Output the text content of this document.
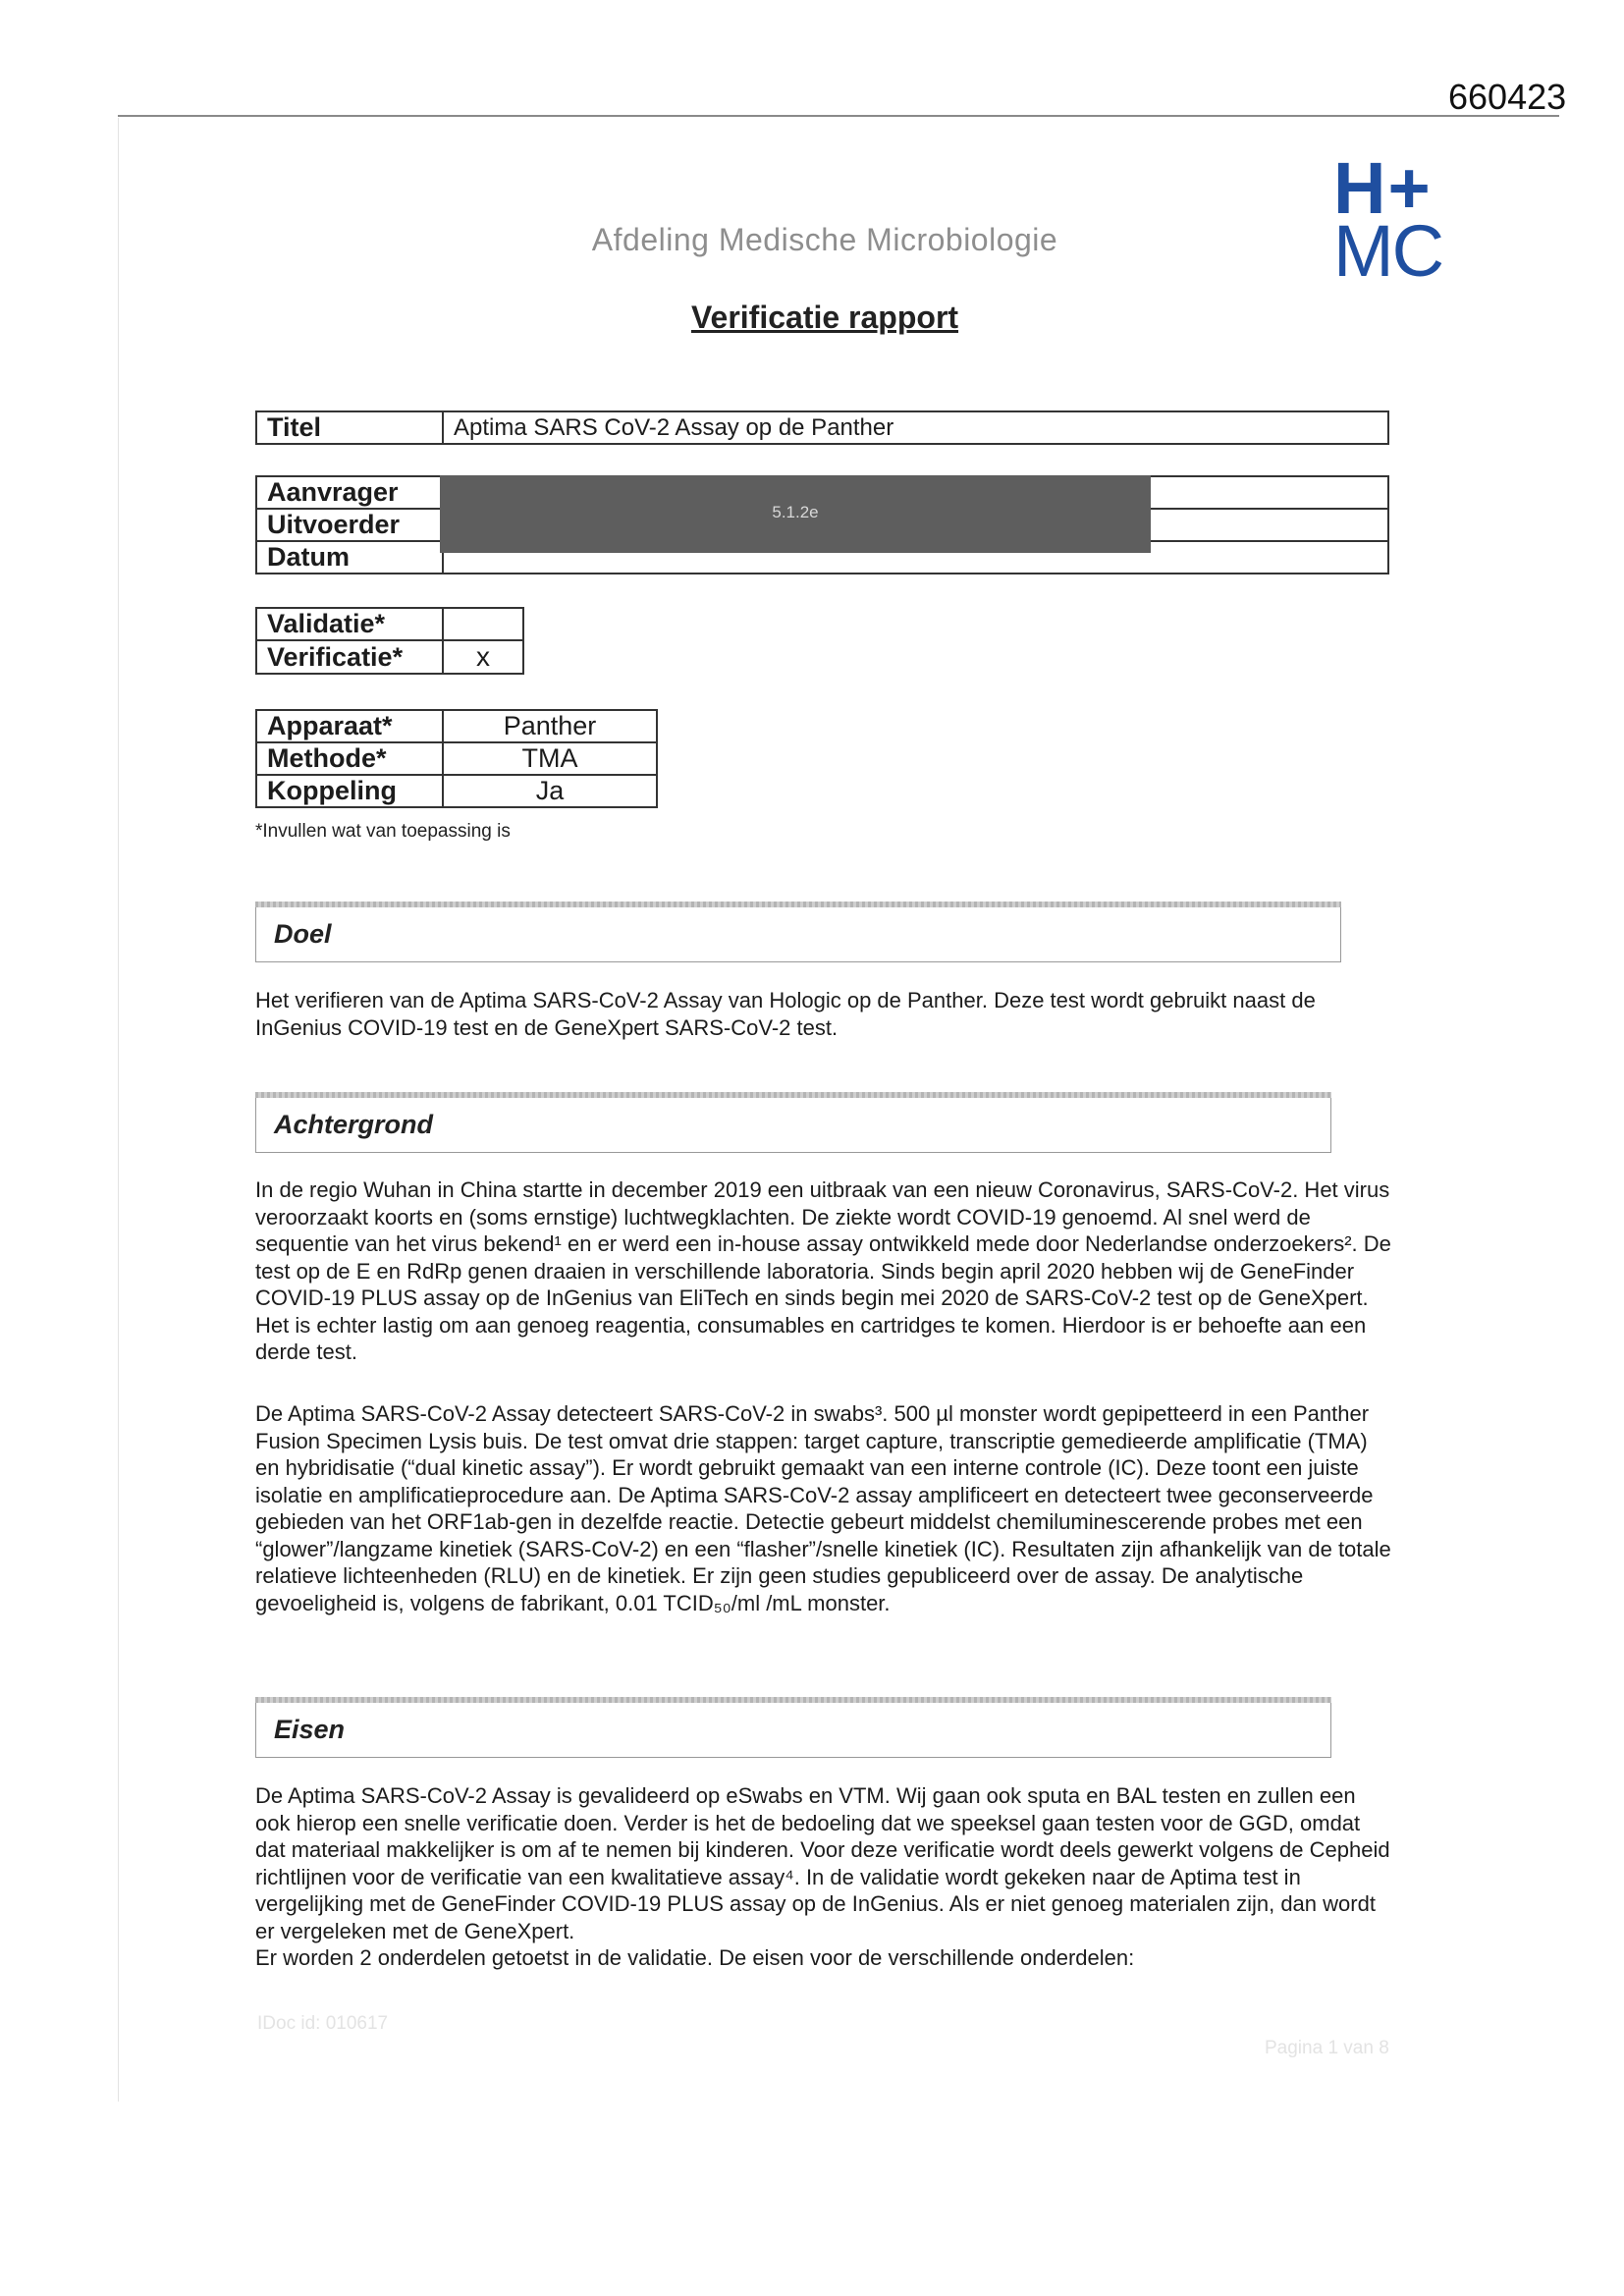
660423
Afdeling Medische Microbiologie
H+
MC
Verificatie rapport
Titel	Aptima SARS CoV-2 Assay op de Panther
Aanvrager	
Uitvoerder	
Datum	
5.1.2e
Validatie*	
Verificatie*	x
Apparaat*	Panther
Methode*	TMA
Koppeling	Ja
*Invullen wat van toepassing is
Doel
Het verifieren van de Aptima SARS-CoV-2 Assay van Hologic op de Panther. Deze test wordt gebruikt naast de InGenius COVID-19 test en de GeneXpert SARS-CoV-2 test.
Achtergrond
In de regio Wuhan in China startte in december 2019 een uitbraak van een nieuw Coronavirus, SARS-CoV-2. Het virus veroorzaakt koorts en (soms ernstige) luchtwegklachten. De ziekte wordt COVID-19 genoemd. Al snel werd de sequentie van het virus bekend¹ en er werd een in-house assay ontwikkeld mede door Nederlandse onderzoekers². De test op de E en RdRp genen draaien in verschillende laboratoria. Sinds begin april 2020 hebben wij de GeneFinder COVID-19 PLUS assay op de InGenius van EliTech en sinds begin mei 2020 de SARS-CoV-2 test op de GeneXpert. Het is echter lastig om aan genoeg reagentia, consumables en cartridges te komen. Hierdoor is er behoefte aan een derde test.
De Aptima SARS-CoV-2 Assay detecteert SARS-CoV-2 in swabs³. 500 µl monster wordt gepipetteerd in een Panther Fusion Specimen Lysis buis. De test omvat drie stappen: target capture, transcriptie gemedieerde amplificatie (TMA) en hybridisatie (“dual kinetic assay”). Er wordt gebruikt gemaakt van een interne controle (IC). Deze toont een juiste isolatie en amplificatieprocedure aan. De Aptima SARS-CoV-2 assay amplificeert en detecteert twee geconserveerde gebieden van het ORF1ab-gen in dezelfde reactie. Detectie gebeurt middelst chemiluminescerende probes met een “glower”/langzame kinetiek (SARS-CoV-2) en een “flasher”/snelle kinetiek (IC). Resultaten zijn afhankelijk van de totale relatieve lichteenheden (RLU) en de kinetiek. Er zijn geen studies gepubliceerd over de assay. De analytische gevoeligheid is, volgens de fabrikant, 0.01 TCID₅₀/ml /mL monster.
Eisen
De Aptima SARS-CoV-2 Assay is gevalideerd op eSwabs en VTM. Wij gaan ook sputa en BAL testen en zullen een ook hierop een snelle verificatie doen. Verder is het de bedoeling dat we speeksel gaan testen voor de GGD, omdat dat materiaal makkelijker is om af te nemen bij kinderen. Voor deze verificatie wordt deels gewerkt volgens de Cepheid richtlijnen voor de verificatie van een kwalitatieve assay⁴. In de validatie wordt gekeken naar de Aptima test in vergelijking met de GeneFinder COVID-19 PLUS assay op de InGenius. Als er niet genoeg materialen zijn, dan wordt er vergeleken met de GeneXpert.
Er worden 2 onderdelen getoetst in de validatie. De eisen voor de verschillende onderdelen:
IDoc id: 010617
Pagina 1 van 8
